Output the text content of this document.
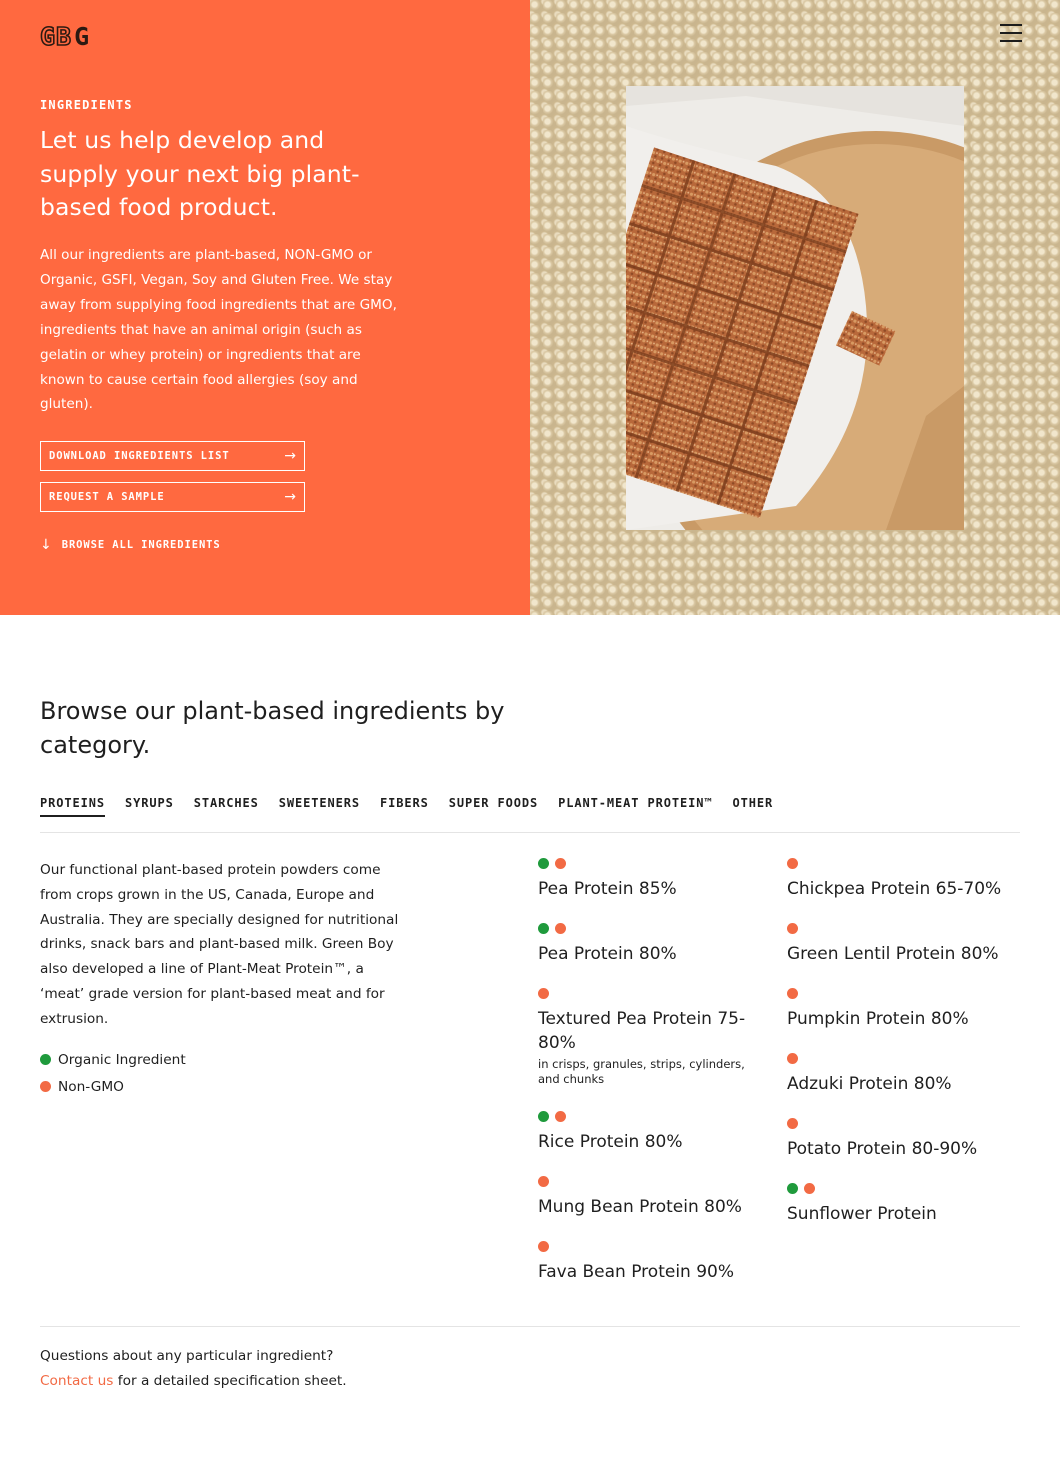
GB G
INGREDIENTS
Let us help develop and supply your next big plant-based food product.

All our ingredients are plant-based, NON-GMO or Organic, GSFI, Vegan, Soy and Gluten Free. We stay away from supplying food ingredients that are GMO, ingredients that have an animal origin (such as gelatin or whey protein) or ingredients that are known to cause certain food allergies (soy and gluten).

DOWNLOAD INGREDIENTS LIST	→
REQUEST A SAMPLE	→
↓ BROWSE ALL INGREDIENTS
Browse our plant-based ingredients by category.
PROTEINS SYRUPS STARCHES SWEETENERS FIBERS SUPER FOODS PLANT-MEAT PROTEIN™ OTHER

Our functional plant-based protein powders come from crops grown in the US, Canada, Europe and Australia. They are specially designed for nutritional drinks, snack bars and plant-based milk. Green Boy also developed a line of Plant-Meat Protein™, a ‘meat’ grade version for plant-based meat and for extrusion.

Organic Ingredient
Non-GMO
Pea Protein 85%
Pea Protein 80%
Textured Pea Protein 75-80%
in crisps, granules, strips, cylinders, and chunks
Rice Protein 80%
Mung Bean Protein 80%
Fava Bean Protein 90%
Chickpea Protein 65-70%
Green Lentil Protein 80%
Pumpkin Protein 80%
Adzuki Protein 80%
Potato Protein 80-90%
Sunflower Protein

Questions about any particular ingredient?

Contact us for a detailed specification sheet.
